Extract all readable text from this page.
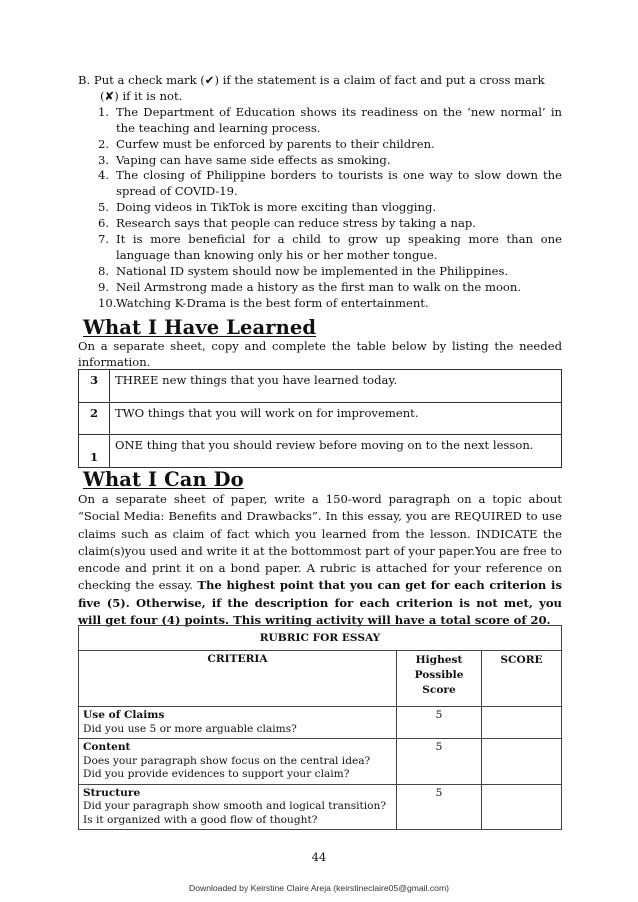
B. Put a check mark (✔) if the statement is a claim of fact and put a cross mark (✘) if it is not.

1. The Department of Education shows its readiness on the ‘new normal’ in the teaching and learning process.
2. Curfew must be enforced by parents to their children.
3. Vaping can have same side effects as smoking.
4. The closing of Philippine borders to tourists is one way to slow down the spread of COVID-19.
5. Doing videos in TikTok is more exciting than vlogging.
6. Research says that people can reduce stress by taking a nap.
7. It is more beneficial for a child to grow up speaking more than one language than knowing only his or her mother tongue.
8. National ID system should now be implemented in the Philippines.
9. Neil Armstrong made a history as the first man to walk on the moon.
10.Watching K-Drama is the best form of entertainment.
What I Have Learned

On a separate sheet, copy and complete the table below by listing the needed information.

3	THREE new things that you have learned today.
2	TWO things that you will work on for improvement.
1	ONE thing that you should review before moving on to the next lesson.
What I Can Do

On a separate sheet of paper, write a 150-word paragraph on a topic about “Social Media: Benefits and Drawbacks”. In this essay, you are REQUIRED to use claims such as claim of fact which you learned from the lesson. INDICATE the claim(s)you used and write it at the bottommost part of your paper.You are free to encode and print it on a bond paper. A rubric is attached for your reference on checking the essay. The highest point that you can get for each criterion is five (5). Otherwise, if the description for each criterion is not met, you will get four (4) points. This writing activity will have a total score of 20.

RUBRIC FOR ESSAY		
CRITERIA	Highest Possible Score	SCORE

Use of Claims
Did you use 5 or more arguable claims?	5	

Content
Does your paragraph show focus on the central idea?
Did you provide evidences to support your claim?	5	

Structure
Did your paragraph show smooth and logical transition?
Is it organized with a good flow of thought?	5	
44
Downloaded by Keirstine Claire Areja (keirstineclaire05@gmail.com)
